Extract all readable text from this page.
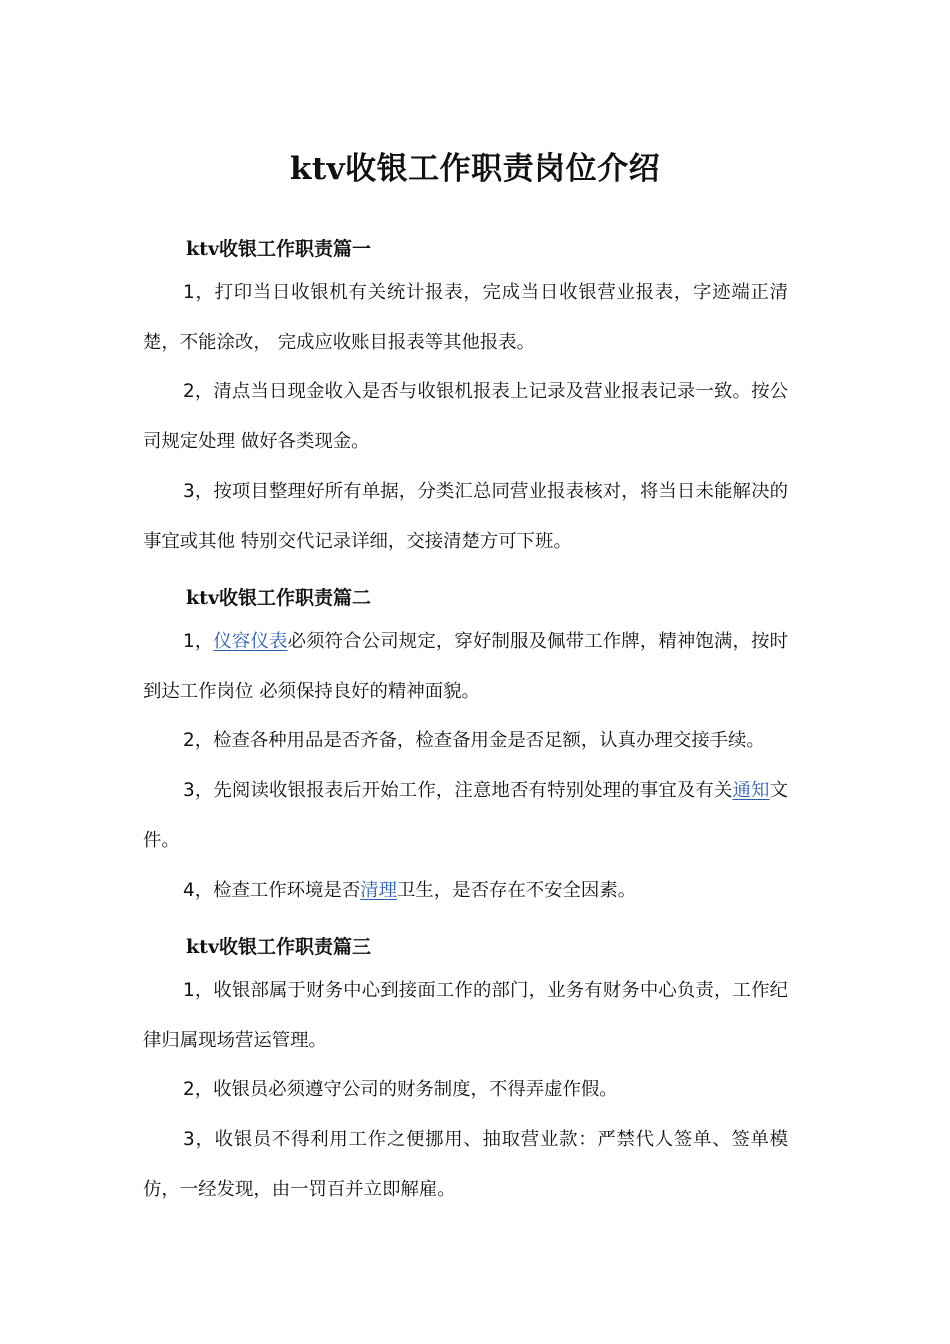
ktv收银工作职责岗位介绍
ktv收银工作职责篇一

1，打印当日收银机有关统计报表，完成当日收银营业报表，字迹端正清楚，不能涂改， 完成应收账目报表等其他报表。

2，清点当日现金收入是否与收银机报表上记录及营业报表记录一致。按公司规定处理 做好各类现金。

3，按项目整理好所有单据，分类汇总同营业报表核对，将当日未能解决的事宜或其他 特别交代记录详细，交接清楚方可下班。

ktv收银工作职责篇二

1，仪容仪表必须符合公司规定，穿好制服及佩带工作牌，精神饱满，按时到达工作岗位 必须保持良好的精神面貌。

2，检查各种用品是否齐备，检查备用金是否足额，认真办理交接手续。

3，先阅读收银报表后开始工作，注意地否有特别处理的事宜及有关通知文件。

4，检查工作环境是否清理卫生，是否存在不安全因素。

ktv收银工作职责篇三

1，收银部属于财务中心到接面工作的部门，业务有财务中心负责，工作纪律归属现场营运管理。

2，收银员必须遵守公司的财务制度，不得弄虚作假。

3，收银员不得利用工作之便挪用、抽取营业款：严禁代人签单、签单模仿，一经发现，由一罚百并立即解雇。
